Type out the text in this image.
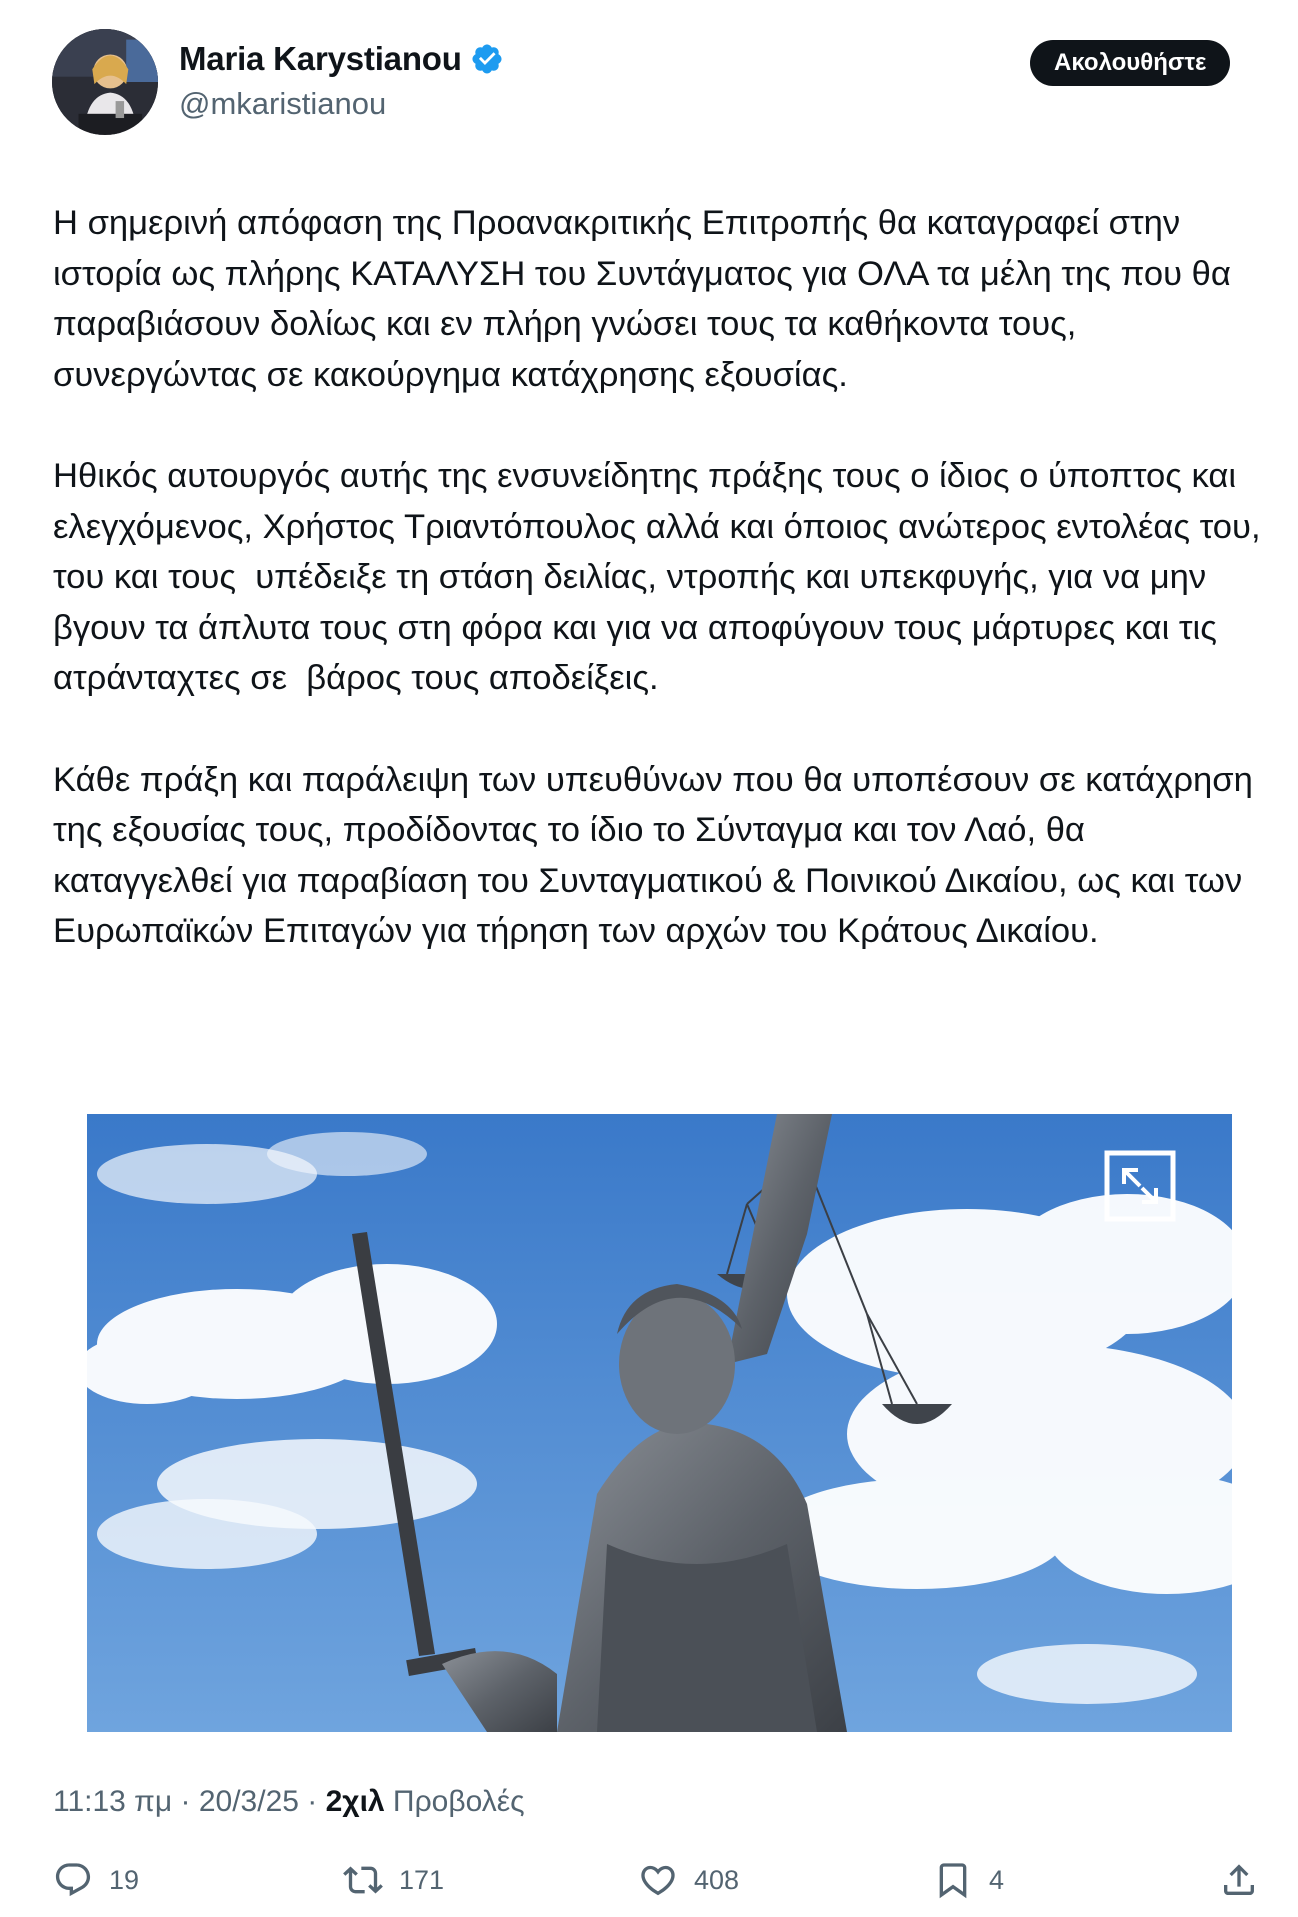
Maria Karystianou
@mkaristianou
Ακολουθήστε

Η σημερινή απόφαση της Προανακριτικής Επιτροπής θα καταγραφεί στην ιστορία ως πλήρης ΚΑΤΑΛΥΣΗ του Συντάγματος για ΟΛΑ τα μέλη της που θα παραβιάσουν δολίως και εν πλήρη γνώσει τους τα καθήκοντα τους, συνεργώντας σε κακούργημα κατάχρησης εξουσίας.

Ηθικός αυτουργός αυτής της ενσυνείδητης πράξης τους ο ίδιος ο ύποπτος και ελεγχόμενος, Χρήστος Τριαντόπουλος αλλά και όποιος ανώτερος εντολέας του, του και τους  υπέδειξε τη στάση δειλίας, ντροπής και υπεκφυγής, για να μην βγουν τα άπλυτα τους στη φόρα και για να αποφύγουν τους μάρτυρες και τις ατράνταχτες σε  βάρος τους αποδείξεις.

Κάθε πράξη και παράλειψη των υπευθύνων που θα υποπέσουν σε κατάχρηση της εξουσίας τους, προδίδοντας το ίδιο το Σύνταγμα και τον Λαό, θα καταγγελθεί για παραβίαση του Συνταγματικού & Ποινικού Δικαίου, ως και των Ευρωπαϊκών Επιταγών για τήρηση των αρχών του Κράτους Δικαίου.

11:13 πμ · 20/3/25 · 2χιλ Προβολές
19	171	408	4
